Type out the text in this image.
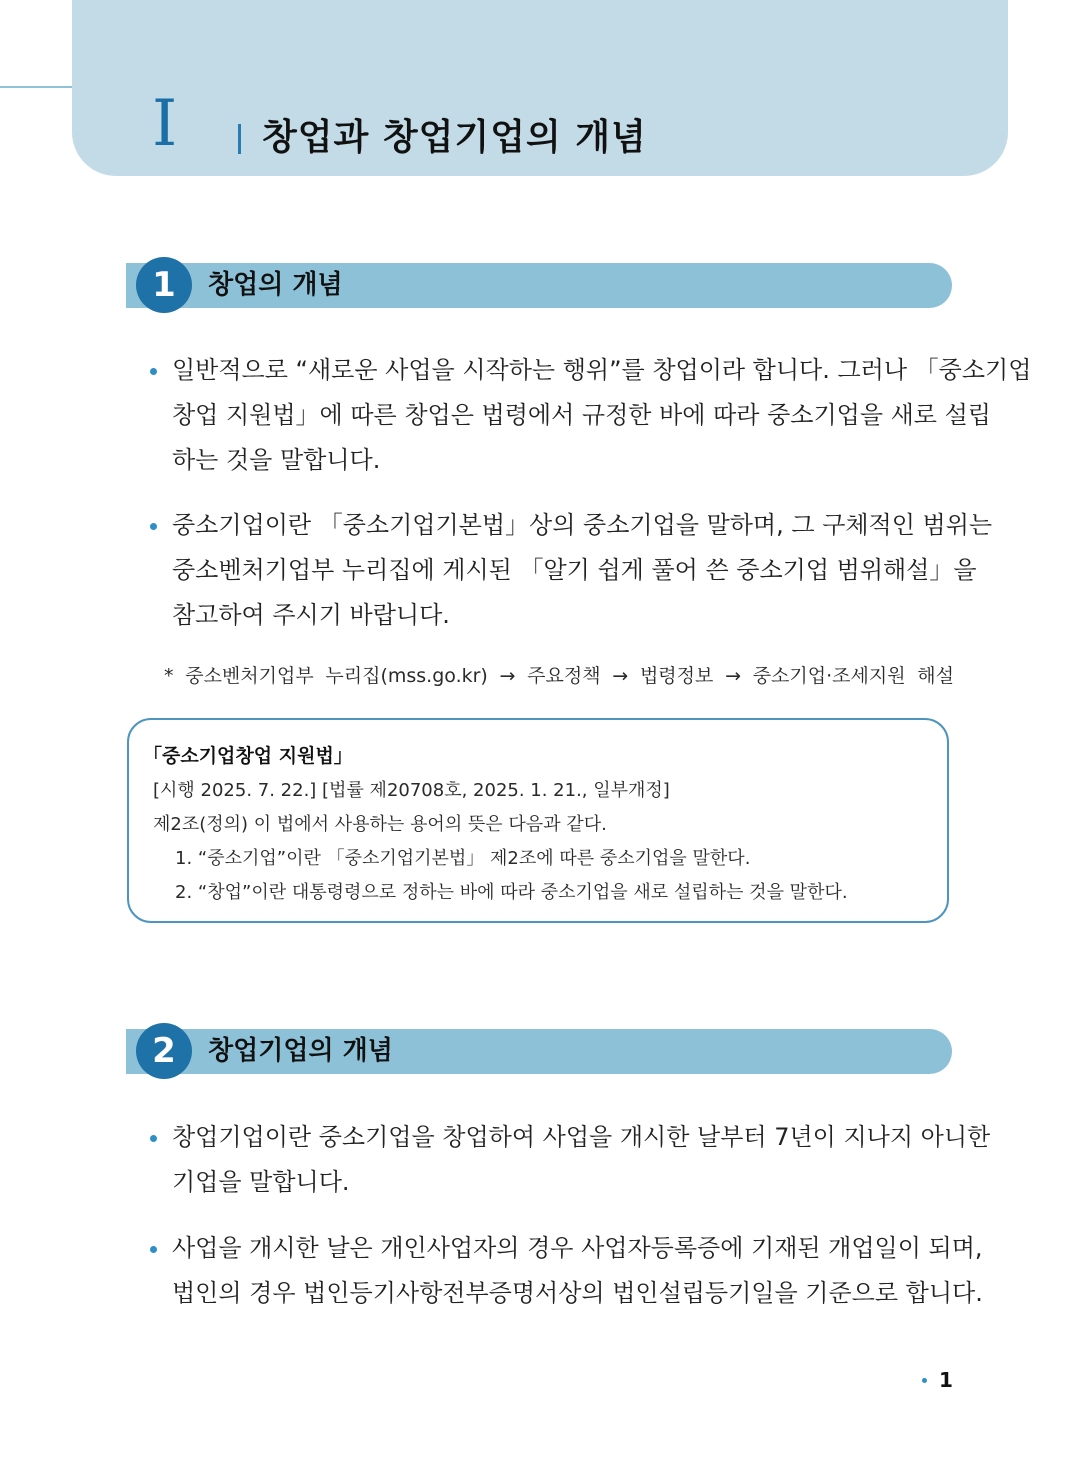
I 창업과 창업기업의 개념
1	창업의 개념
일반적으로 “새로운 사업을 시작하는 행위”를 창업이라 합니다. 그러나 「중소기업
창업 지원법」에 따른 창업은 법령에서 규정한 바에 따라 중소기업을 새로 설립
하는 것을 말합니다.
중소기업이란 「중소기업기본법」상의 중소기업을 말하며, 그 구체적인 범위는
중소벤처기업부 누리집에 게시된 「알기 쉽게 풀어 쓴 중소기업 범위해설」을
참고하여 주시기 바랍니다.
* 중소벤처기업부 누리집(mss.go.kr) → 주요정책 → 법령정보 → 중소기업·조세지원 해설
「중소기업창업 지원법」
[시행 2025. 7. 22.] [법률 제20708호, 2025. 1. 21., 일부개정]
제2조(정의) 이 법에서 사용하는 용어의 뜻은 다음과 같다.
1. “중소기업”이란 「중소기업기본법」 제2조에 따른 중소기업을 말한다.
2. “창업”이란 대통령령으로 정하는 바에 따라 중소기업을 새로 설립하는 것을 말한다.
2	창업기업의 개념
창업기업이란 중소기업을 창업하여 사업을 개시한 날부터 7년이 지나지 아니한
기업을 말합니다.
사업을 개시한 날은 개인사업자의 경우 사업자등록증에 기재된 개업일이 되며,
법인의 경우 법인등기사항전부증명서상의 법인설립등기일을 기준으로 합니다.
1
